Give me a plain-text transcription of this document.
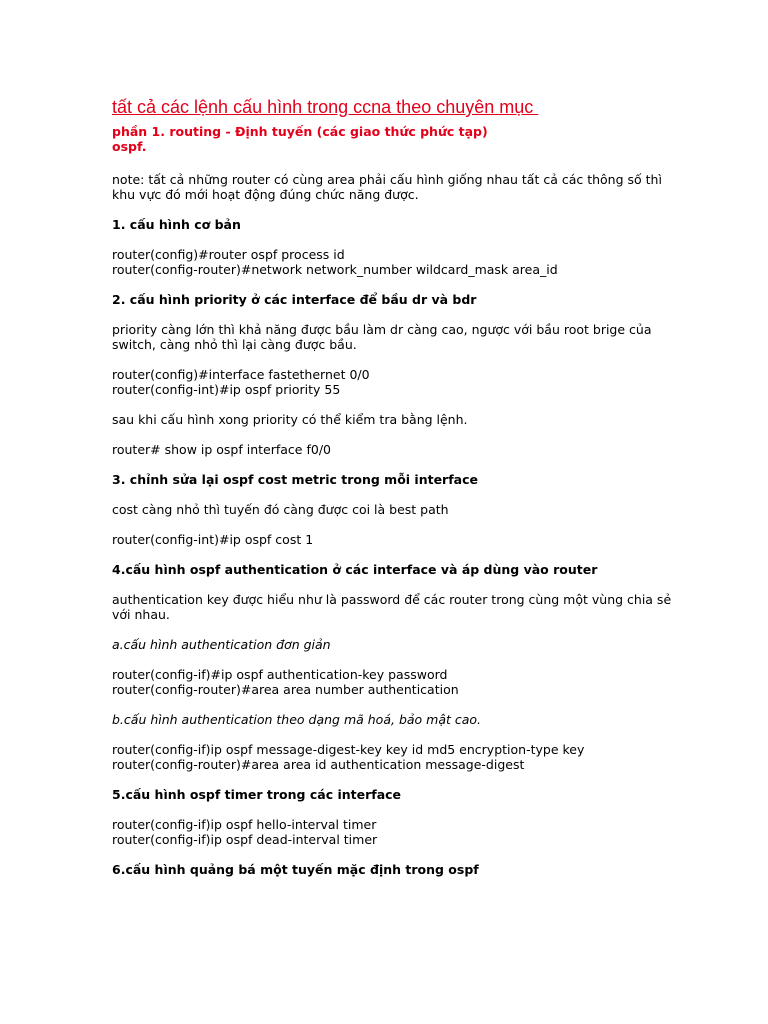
tất cả các lệnh cấu hình trong ccna theo chuyên mục
phần 1. routing - Định tuyến (các giao thức phức tạp)
ospf.

note: tất cả những router có cùng area phải cấu hình giống nhau tất cả các thông số thì khu vực đó mới hoạt động đúng chức năng được.

1. cấu hình cơ bản
router(config)#router ospf process id
router(config-router)#network network_number wildcard_mask area_id
2. cấu hình priority ở các interface để bầu dr và bdr

priority càng lớn thì khả năng được bầu làm dr càng cao, ngược với bầu root brige của switch, càng nhỏ thì lại càng được bầu.

router(config)#interface fastethernet 0/0
router(config-int)#ip ospf priority 55

sau khi cấu hình xong priority có thể kiểm tra bằng lệnh.

router# show ip ospf interface f0/0
3. chỉnh sửa lại ospf cost metric trong mỗi interface

cost càng nhỏ thì tuyến đó càng được coi là best path

router(config-int)#ip ospf cost 1
4.cấu hình ospf authentication ở các interface và áp dùng vào router

authentication key được hiểu như là password để các router trong cùng một vùng chia sẻ với nhau.

a.cấu hình authentication đơn giản

router(config-if)#ip ospf authentication-key password
router(config-router)#area area number authentication

b.cấu hình authentication theo dạng mã hoá, bảo mật cao.

router(config-if)ip ospf message-digest-key key id md5 encryption-type key
router(config-router)#area area id authentication message-digest
5.cấu hình ospf timer trong các interface
router(config-if)ip ospf hello-interval timer
router(config-if)ip ospf dead-interval timer
6.cấu hình quảng bá một tuyến mặc định trong ospf
